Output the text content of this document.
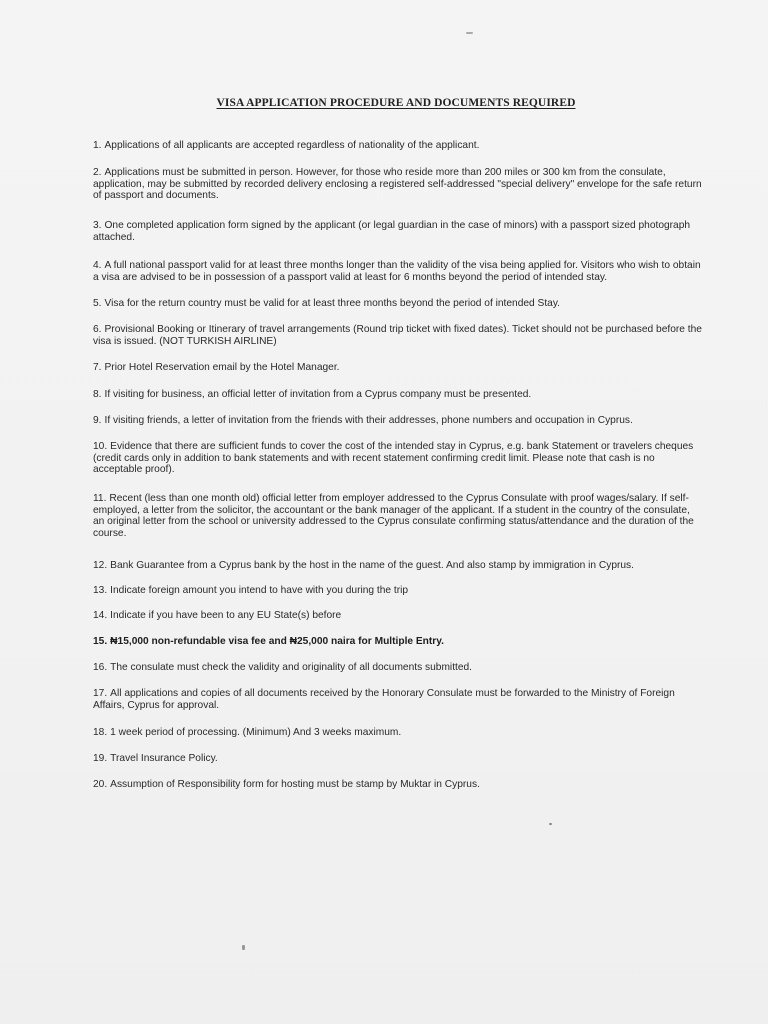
VISA APPLICATION PROCEDURE AND DOCUMENTS REQUIRED
1. Applications of all applicants are accepted regardless of nationality of the applicant.
2. Applications must be submitted in person. However, for those who reside more than 200 miles or 300 km from the consulate, application, may be submitted by recorded delivery enclosing a registered self-addressed "special delivery" envelope for the safe return of passport and documents.
3. One completed application form signed by the applicant (or legal guardian in the case of minors) with a passport sized photograph attached.
4. A full national passport valid for at least three months longer than the validity of the visa being applied for. Visitors who wish to obtain a visa are advised to be in possession of a passport valid at least for 6 months beyond the period of intended stay.
5. Visa for the return country must be valid for at least three months beyond the period of intended Stay.
6. Provisional Booking or Itinerary of travel arrangements (Round trip ticket with fixed dates). Ticket should not be purchased before the visa is issued. (NOT TURKISH AIRLINE)
7. Prior Hotel Reservation email by the Hotel Manager.
8. If visiting for business, an official letter of invitation from a Cyprus company must be presented.
9. If visiting friends, a letter of invitation from the friends with their addresses, phone numbers and occupation in Cyprus.
10. Evidence that there are sufficient funds to cover the cost of the intended stay in Cyprus, e.g. bank Statement or travelers cheques (credit cards only in addition to bank statements and with recent statement confirming credit limit. Please note that cash is no acceptable proof).
11. Recent (less than one month old) official letter from employer addressed to the Cyprus Consulate with proof wages/salary. If self-employed, a letter from the solicitor, the accountant or the bank manager of the applicant. If a student in the country of the consulate, an original letter from the school or university addressed to the Cyprus consulate confirming status/attendance and the duration of the course.
12. Bank Guarantee from a Cyprus bank by the host in the name of the guest. And also stamp by immigration in Cyprus.
13. Indicate foreign amount you intend to have with you during the trip
14. Indicate if you have been to any EU State(s) before
15. ₦15,000 non-refundable visa fee and ₦25,000 naira for Multiple Entry.
16. The consulate must check the validity and originality of all documents submitted.
17. All applications and copies of all documents received by the Honorary Consulate must be forwarded to the Ministry of Foreign Affairs, Cyprus for approval.
18. 1 week period of processing. (Minimum) And 3 weeks maximum.
19. Travel Insurance Policy.
20. Assumption of Responsibility form for hosting must be stamp by Muktar in Cyprus.
